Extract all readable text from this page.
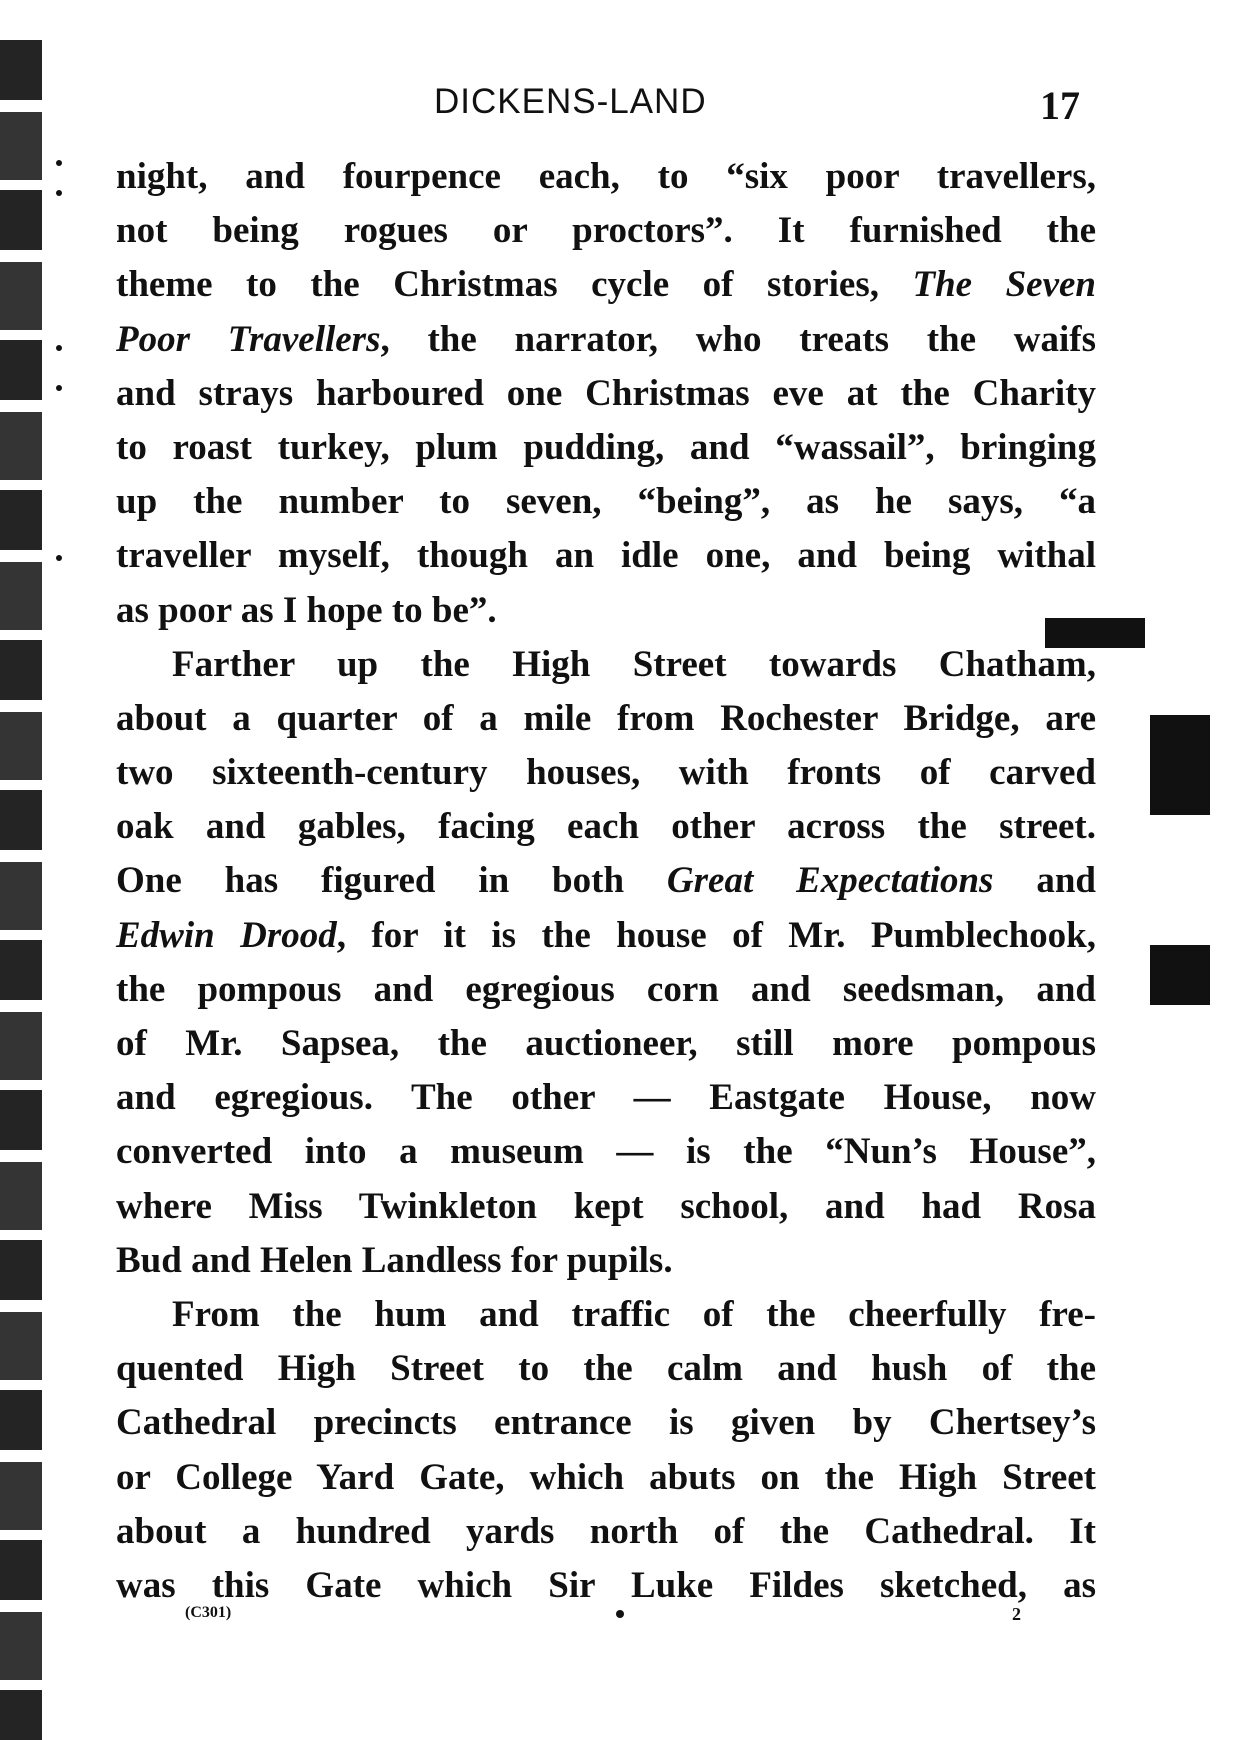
DICKENS-LAND	17
night, and fourpence each, to “six poor travellers,
not being rogues or proctors”. It furnished the
theme to the Christmas cycle of stories, The Seven
Poor Travellers, the narrator, who treats the waifs
and strays harboured one Christmas eve at the Charity
to roast turkey, plum pudding, and “wassail”, bringing
up the number to seven, “being”, as he says, “a
traveller myself, though an idle one, and being withal
as poor as I hope to be”.
Farther up the High Street towards Chatham,
about a quarter of a mile from Rochester Bridge, are
two sixteenth-century houses, with fronts of carved
oak and gables, facing each other across the street.
One has figured in both Great Expectations and
Edwin Drood, for it is the house of Mr. Pumblechook,
the pompous and egregious corn and seedsman, and
of Mr. Sapsea, the auctioneer, still more pompous
and egregious. The other — Eastgate House, now
converted into a museum — is the “Nun’s House”,
where Miss Twinkleton kept school, and had Rosa
Bud and Helen Landless for pupils.
From the hum and traffic of the cheerfully fre-
quented High Street to the calm and hush of the
Cathedral precincts entrance is given by Chertsey’s
or College Yard Gate, which abuts on the High Street
about a hundred yards north of the Cathedral. It
was this Gate which Sir Luke Fildes sketched, as
(C301)	2
